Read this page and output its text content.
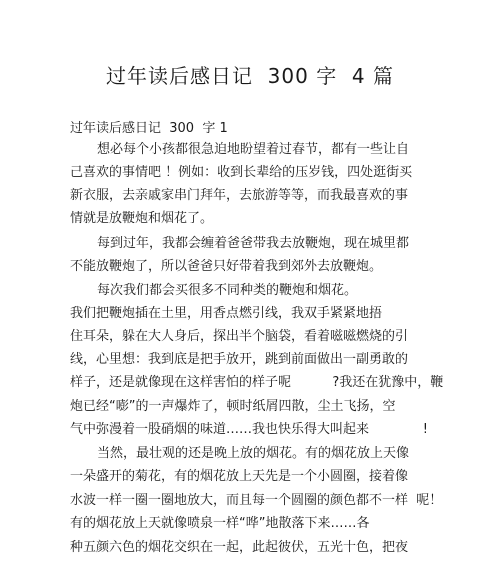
过年读后感日记  300 字  4 篇
过年读后感日记  300  字 1
想必每个小孩都很急迫地盼望着过春节，都有一些让自
己喜欢的事情吧 ！例如：收到长辈给的压岁钱，四处逛街买
新衣服，去亲戚家串门拜年，去旅游等等，而我最喜欢的事
情就是放鞭炮和烟花了。
每到过年，我都会缠着爸爸带我去放鞭炮，现在城里都
不能放鞭炮了，所以爸爸只好带着我到郊外去放鞭炮。
每次我们都会买很多不同种类的鞭炮和烟花。
我们把鞭炮插在土里，用香点燃引线，我双手紧紧地捂
住耳朵，躲在大人身后，探出半个脑袋，看着嗞嗞燃烧的引
线，心里想：我到底是把手放开，跳到前面做出一副勇敢的
样子，还是就像现在这样害怕的样子呢          ?我还在犹豫中，鞭
炮已经“嘭”的一声爆炸了，顿时纸屑四散，尘土飞扬，空
气中弥漫着一股硝烟的味道……我也快乐得大叫起来             !
当然，最壮观的还是晚上放的烟花。有的烟花放上天像
一朵盛开的菊花，有的烟花放上天先是一个小圆圈，接着像
水波一样一圈一圈地放大，而且每一个圆圈的颜色都不一样  呢！
有的烟花放上天就像喷泉一样“哗”地散落下来……各
种五颜六色的烟花交织在一起，此起彼伏，五光十色，把夜
